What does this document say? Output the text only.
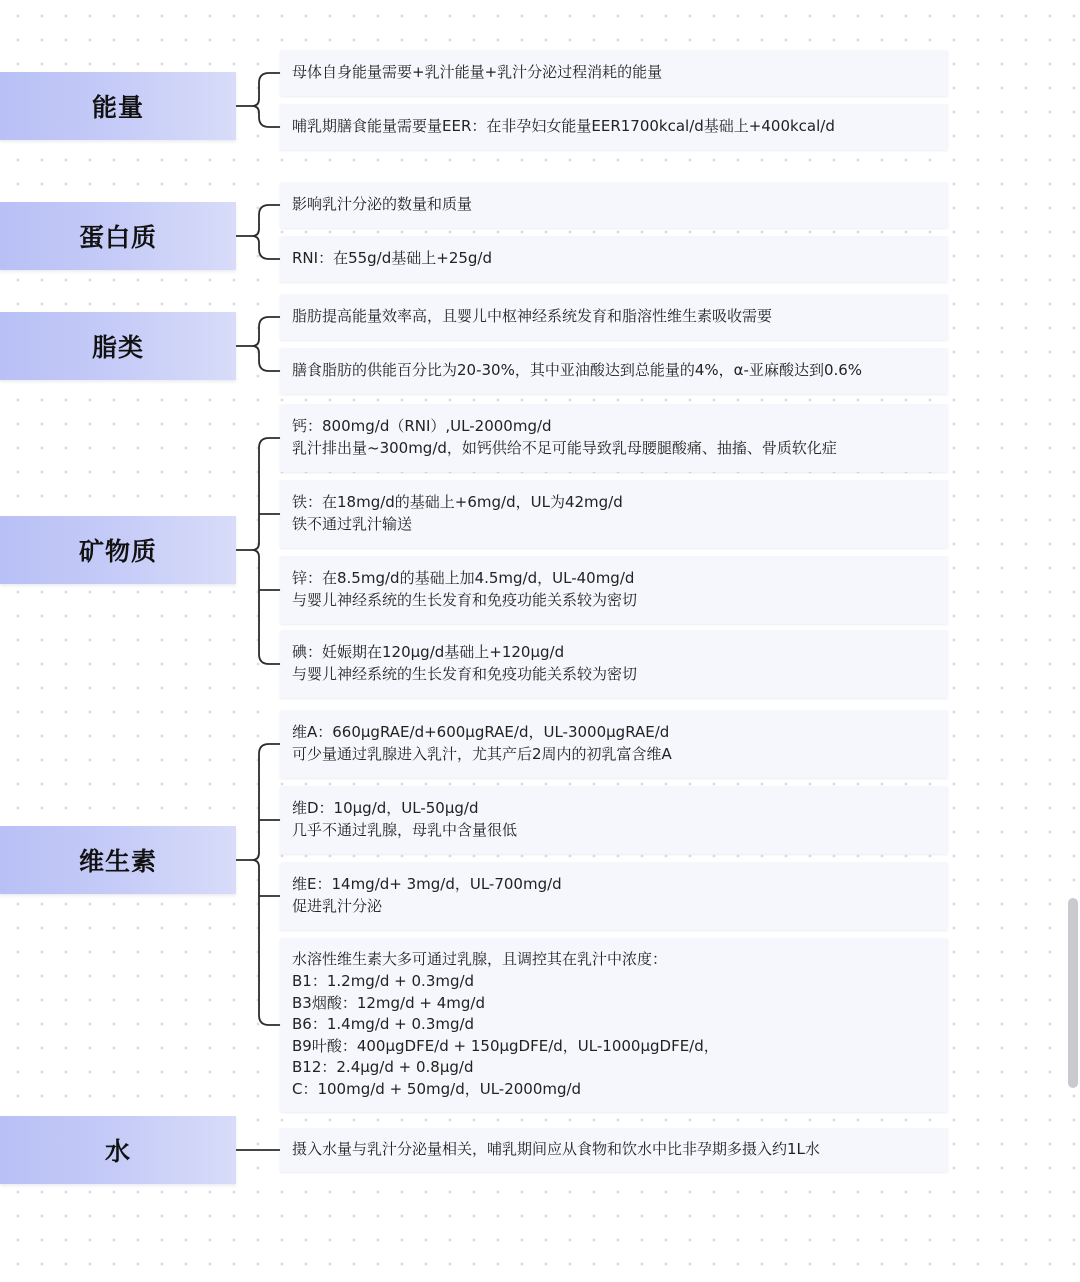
能量
母体自身能量需要+乳汁能量+乳汁分泌过程消耗的能量
哺乳期膳食能量需要量EER：在非孕妇女能量EER1700kcal/d基础上+400kcal/d
蛋白质
影响乳汁分泌的数量和质量
RNI：在55g/d基础上+25g/d
脂类
脂肪提高能量效率高，且婴儿中枢神经系统发育和脂溶性维生素吸收需要
膳食脂肪的供能百分比为20-30%，其中亚油酸达到总能量的4%，α-亚麻酸达到0.6%
矿物质
钙：800mg/d（RNI）,UL-2000mg/d
乳汁排出量~300mg/d，如钙供给不足可能导致乳母腰腿酸痛、抽搐、骨质软化症
铁：在18mg/d的基础上+6mg/d，UL为42mg/d
铁不通过乳汁输送
锌：在8.5mg/d的基础上加4.5mg/d，UL-40mg/d
与婴儿神经系统的生长发育和免疫功能关系较为密切
碘：妊娠期在120μg/d基础上+120μg/d
与婴儿神经系统的生长发育和免疫功能关系较为密切
维生素
维A：660μgRAE/d+600μgRAE/d，UL-3000μgRAE/d
可少量通过乳腺进入乳汁，尤其产后2周内的初乳富含维A
维D：10μg/d，UL-50μg/d
几乎不通过乳腺，母乳中含量很低
维E：14mg/d+ 3mg/d，UL-700mg/d
促进乳汁分泌
水溶性维生素大多可通过乳腺，且调控其在乳汁中浓度：
B1：1.2mg/d + 0.3mg/d
B3烟酸：12mg/d + 4mg/d
B6：1.4mg/d + 0.3mg/d
B9叶酸：400μgDFE/d + 150μgDFE/d，UL-1000μgDFE/d，
B12：2.4μg/d + 0.8μg/d
C：100mg/d + 50mg/d，UL-2000mg/d
水	摄入水量与乳汁分泌量相关，哺乳期间应从食物和饮水中比非孕期多摄入约1L水
